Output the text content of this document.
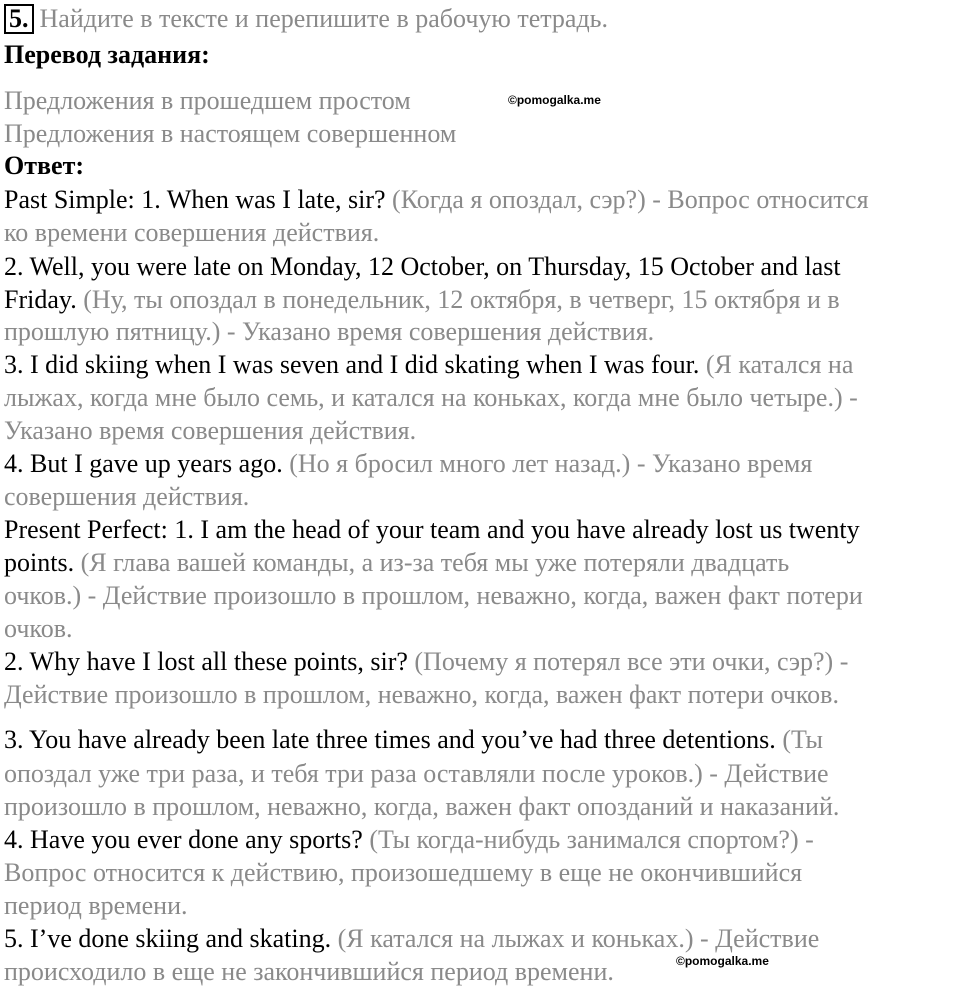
5. Найдите в тексте и перепишите в рабочую тетрадь.
Перевод задания:
Предложения в прошедшем простом	©pomogalka.me
Предложения в настоящем совершенном
Ответ:
Past Simple: 1. When was I late, sir? (Когда я опоздал, сэр?) - Вопрос относится
ко времени совершения действия.
2. Well, you were late on Monday, 12 October, on Thursday, 15 October and last
Friday. (Ну, ты опоздал в понедельник, 12 октября, в четверг, 15 октября и в
прошлую пятницу.) - Указано время совершения действия.
3. I did skiing when I was seven and I did skating when I was four. (Я катался на
лыжах, когда мне было семь, и катался на коньках, когда мне было четыре.) -
Указано время совершения действия.
4. But I gave up years ago. (Но я бросил много лет назад.) - Указано время
совершения действия.
Present Perfect: 1. I am the head of your team and you have already lost us twenty
points. (Я глава вашей команды, а из-за тебя мы уже потеряли двадцать
очков.) - Действие произошло в прошлом, неважно, когда, важен факт потери
очков.
2. Why have I lost all these points, sir? (Почему я потерял все эти очки, сэр?) -
Действие произошло в прошлом, неважно, когда, важен факт потери очков.
3. You have already been late three times and you’ve had three detentions. (Ты
опоздал уже три раза, и тебя три раза оставляли после уроков.) - Действие
произошло в прошлом, неважно, когда, важен факт опозданий и наказаний.
4. Have you ever done any sports? (Ты когда-нибудь занимался спортом?) -
Вопрос относится к действию, произошедшему в еще не окончившийся
период времени.
5. I’ve done skiing and skating. (Я катался на лыжах и коньках.) - Действие
происходило в еще не закончившийся период времени.	©pomogalka.me
